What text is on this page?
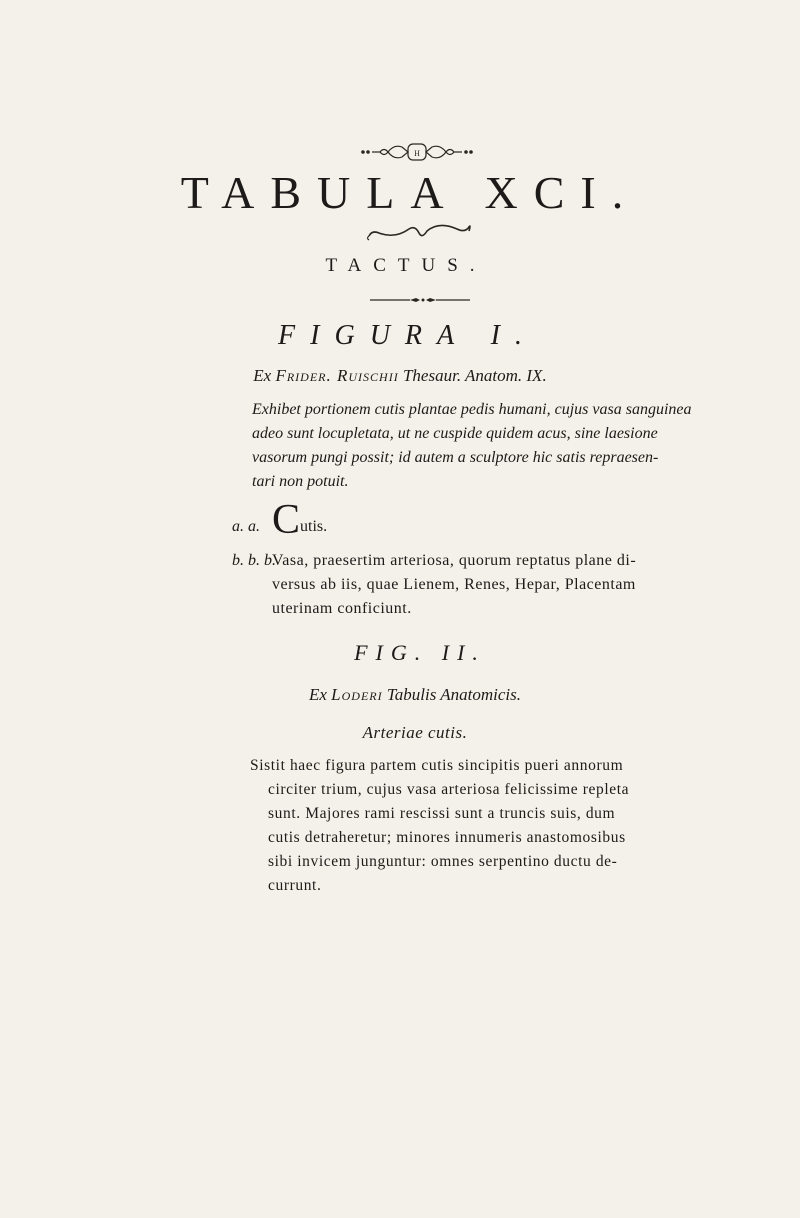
H
TABULA XCI.
TACTUS.
FIGURA I.
Ex Frider. Ruischii Thesaur. Anatom. IX.
Exhibet portionem cutis plantae pedis humani, cujus vasa sanguinea
adeo sunt locupletata, ut ne cuspide quidem acus, sine laesione
vasorum pungi possit; id autem a sculptore hic satis repraesen-
tari non potuit.
a. a. Cutis.
b. b. b.
Vasa, praesertim arteriosa, quorum reptatus plane di-
versus ab iis, quae Lienem, Renes, Hepar, Placentam
uterinam conficiunt.
FIG. II.
Ex Loderi Tabulis Anatomicis.
Arteriae cutis.
Sistit haec figura partem cutis sincipitis pueri annorum
circiter trium, cujus vasa arteriosa felicissime repleta
sunt. Majores rami rescissi sunt a truncis suis, dum
cutis detraheretur; minores innumeris anastomosibus
sibi invicem junguntur: omnes serpentino ductu de-
currunt.
